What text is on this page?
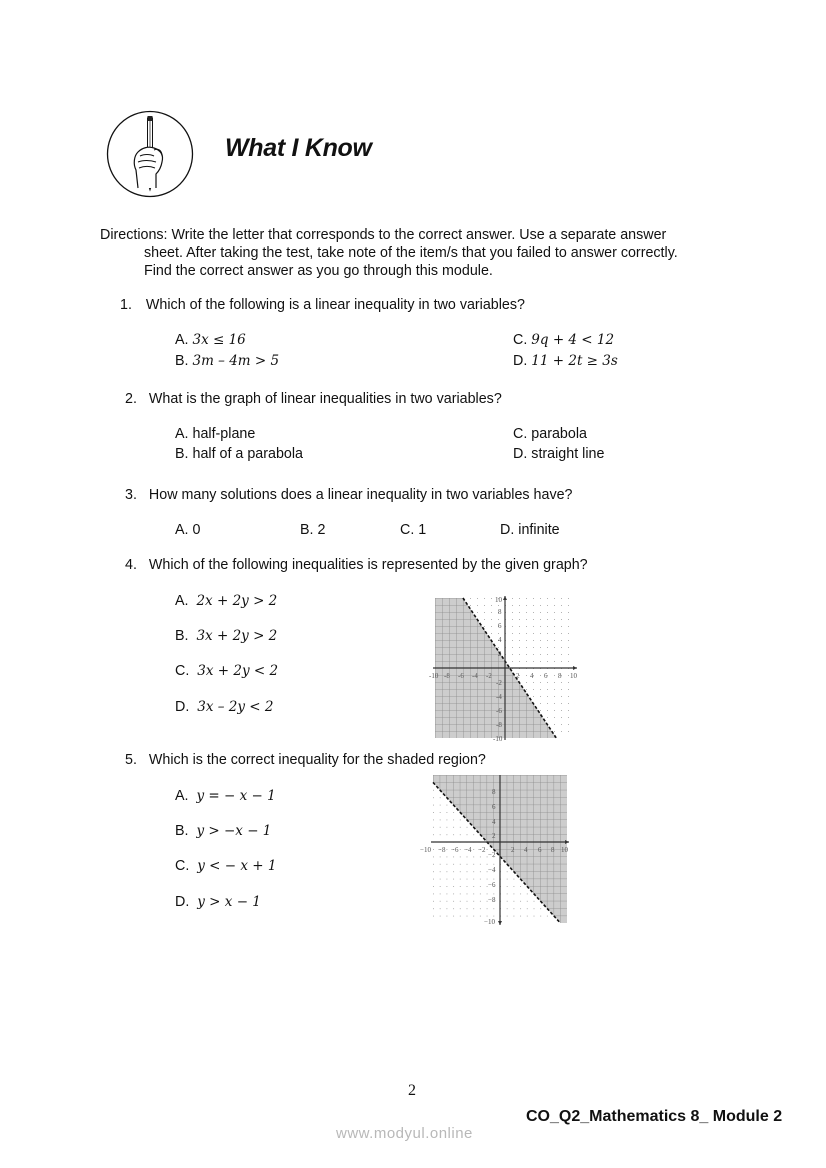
What I Know
Directions: Write the letter that corresponds to the correct answer. Use a separate answer
sheet. After taking the test, take note of the item/s that you failed to answer correctly.
Find the correct answer as you go through this module.
1. Which of the following is a linear inequality in two variables?
A. 3x ≤ 16
B. 3m – 4m > 5
C. 9q + 4 < 12
D. 11 + 2t ≥ 3s
2. What is the graph of linear inequalities in two variables?
A. half-plane
B. half of a parabola
C. parabola
D. straight line
3. How many solutions does a linear inequality in two variables have?
A. 0	B. 2	C. 1	D. infinite
4. Which of the following inequalities is represented by the given graph?
A. 2x + 2y > 2
B. 3x + 2y > 2
C. 3x + 2y < 2
D. 3x – 2y < 2
-10 -8 -6 -4 -2	2 4 6 8 10
10
8
6
4
2
-2
-4
-6
-8
-10
5. Which is the correct inequality for the shaded region?
A. y = − x − 1
B. y > −x − 1
C. y < − x + 1
D. y > x − 1
−10 −8 −6 −4 −2	2 4 6 8 10
8
6
4
2
−2
−4
−6
−8
−10
2
CO_Q2_Mathematics 8_ Module 2
www.modyul.online
